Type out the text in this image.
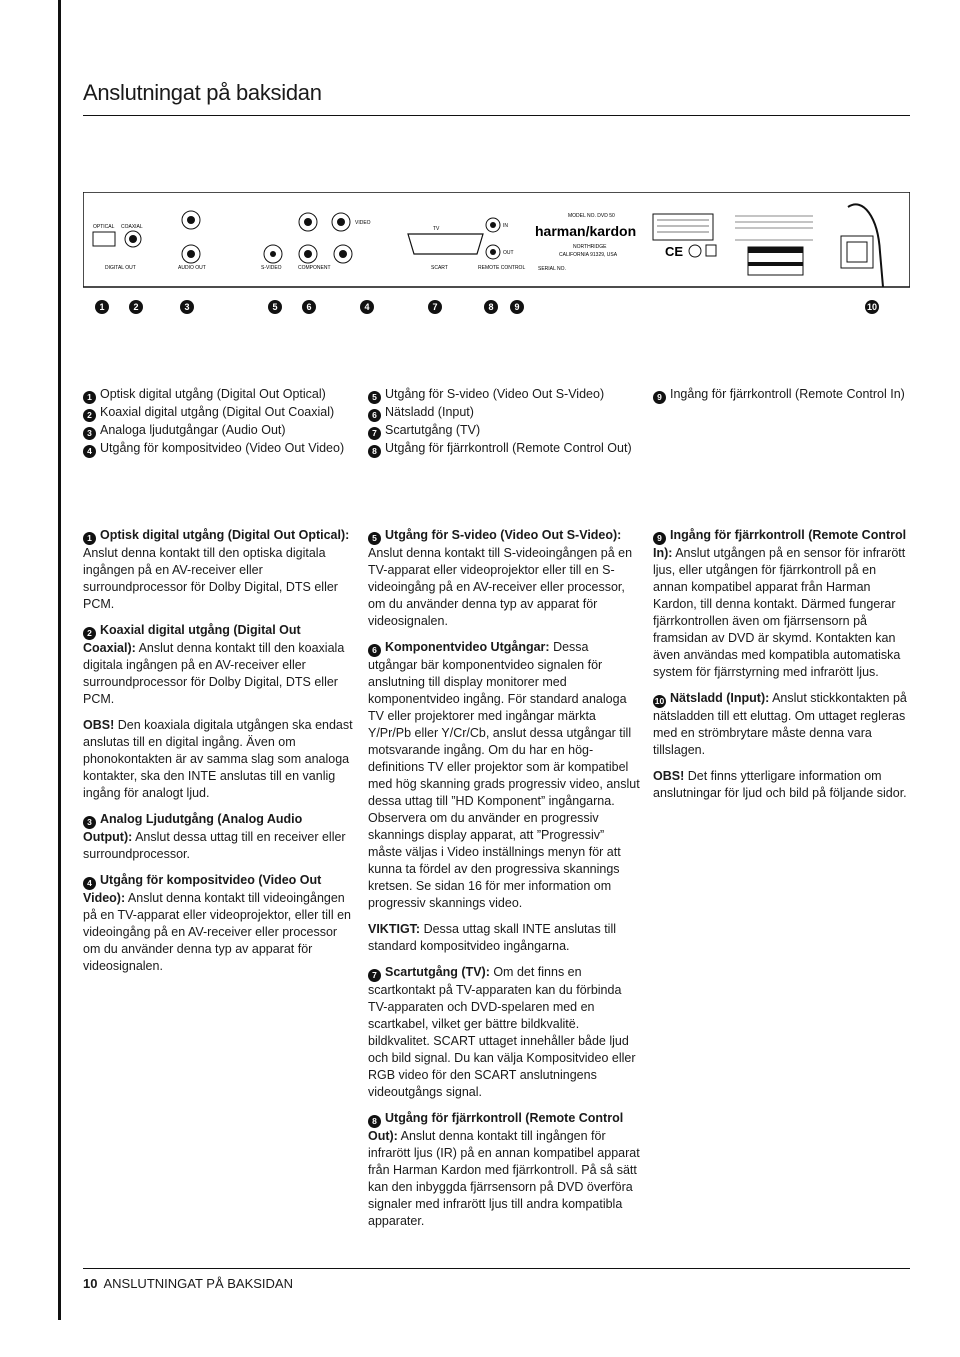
Anslutningat på baksidan
OPTICAL COAXIAL
DIGITAL OUT	AUDIO OUT	S-VIDEO	COMPONENT
VIDEO
TV
SCART
IN
OUT
REMOTE CONTROL
MODEL NO. DVD 50
harman/kardon
NORTHRIDGE
CALIFORNIA 91329, USA
SERIAL NO.
CE
1	2	3	5	6	4	7	8	9	10
1 Optisk digital utgång (Digital Out Optical)
2 Koaxial digital utgång (Digital Out Coaxial)
3 Analoga ljudutgångar (Audio Out)
4 Utgång för kompositvideo (Video Out Video)
5 Utgång för S-video (Video Out S-Video)
6 Nätsladd (Input)
7 Scartutgång (TV)
8 Utgång för fjärrkontroll (Remote Control Out)
9 Ingång för fjärrkontroll (Remote Control In)

1 Optisk digital utgång (Digital Out Optical): Anslut denna kontakt till den optiska digitala ingången på en AV-receiver eller surroundprocessor för Dolby Digital, DTS eller PCM.

2 Koaxial digital utgång (Digital Out Coaxial): Anslut denna kontakt till den koaxiala digitala ingången på en AV-receiver eller surroundprocessor för Dolby Digital, DTS eller PCM.

OBS! Den koaxiala digitala utgången ska endast anslutas till en digital ingång. Även om phonokontakten är av samma slag som analoga kontakter, ska den INTE anslutas till en vanlig ingång för analogt ljud.

3 Analog Ljudutgång (Analog Audio Output): Anslut dessa uttag till en receiver eller surroundprocessor.

4 Utgång för kompositvideo (Video Out Video): Anslut denna kontakt till videoingången på en TV-apparat eller videoprojektor, eller till en videoingång på en AV-receiver eller processor om du använder denna typ av apparat för videosignalen.

5 Utgång för S-video (Video Out S-Video): Anslut denna kontakt till S-videoingången på en TV-apparat eller videoprojektor eller till en S-videoingång på en AV-receiver eller processor, om du använder denna typ av apparat för videosignalen.

6 Komponentvideo Utgångar: Dessa utgångar bär komponentvideo signalen för anslutning till display monitorer med komponentvideo ingång. För standard analoga TV eller projektorer med ingångar märkta Y/Pr/Pb eller Y/Cr/Cb, anslut dessa utgångar till motsvarande ingång. Om du har en hög-definitions TV eller projektor som är kompatibel med hög skanning grads progressiv video, anslut dessa uttag till ”HD Komponent” ingångarna. Observera om du använder en progressiv skannings display apparat, att ”Progressiv” måste väljas i Video inställnings menyn för att kunna ta fördel av den progressiva skannings kretsen. Se sidan 16 för mer information om progressiv skannings video.

VIKTIGT: Dessa uttag skall INTE anslutas till standard kompositvideo ingångarna.

7 Scartutgång (TV): Om det finns en scartkontakt på TV-apparaten kan du förbinda TV-apparaten och DVD-spelaren med en scartkabel, vilket ger bättre bildkvalitë. bildkvalitet. SCART uttaget innehåller både ljud och bild signal. Du kan välja Kompositvideo eller RGB video för den SCART anslutningens videoutgångs signal.

8 Utgång för fjärrkontroll (Remote Control Out): Anslut denna kontakt till ingången för infrarött ljus (IR) på en annan kompatibel apparat från Harman Kardon med fjärrkontroll. På så sätt kan den inbyggda fjärrsensorn på DVD överföra signaler med infrarött ljus till andra kompatibla apparater.

9 Ingång för fjärrkontroll (Remote Control In): Anslut utgången på en sensor för infrarött ljus, eller utgången för fjärrkontroll på en annan kompatibel apparat från Harman Kardon, till denna kontakt. Därmed fungerar fjärrkontrollen även om fjärrsensorn på framsidan av DVD är skymd. Kontakten kan även användas med kompatibla automatiska system för fjärrstyrning med infrarött ljus.

10 Nätsladd (Input): Anslut stickkontakten på nätsladden till ett eluttag. Om uttaget regleras med en strömbrytare måste denna vara tillslagen.

OBS! Det finns ytterligare information om anslutningar för ljud och bild på följande sidor.

10 ANSLUTNINGAT PÅ BAKSIDAN
